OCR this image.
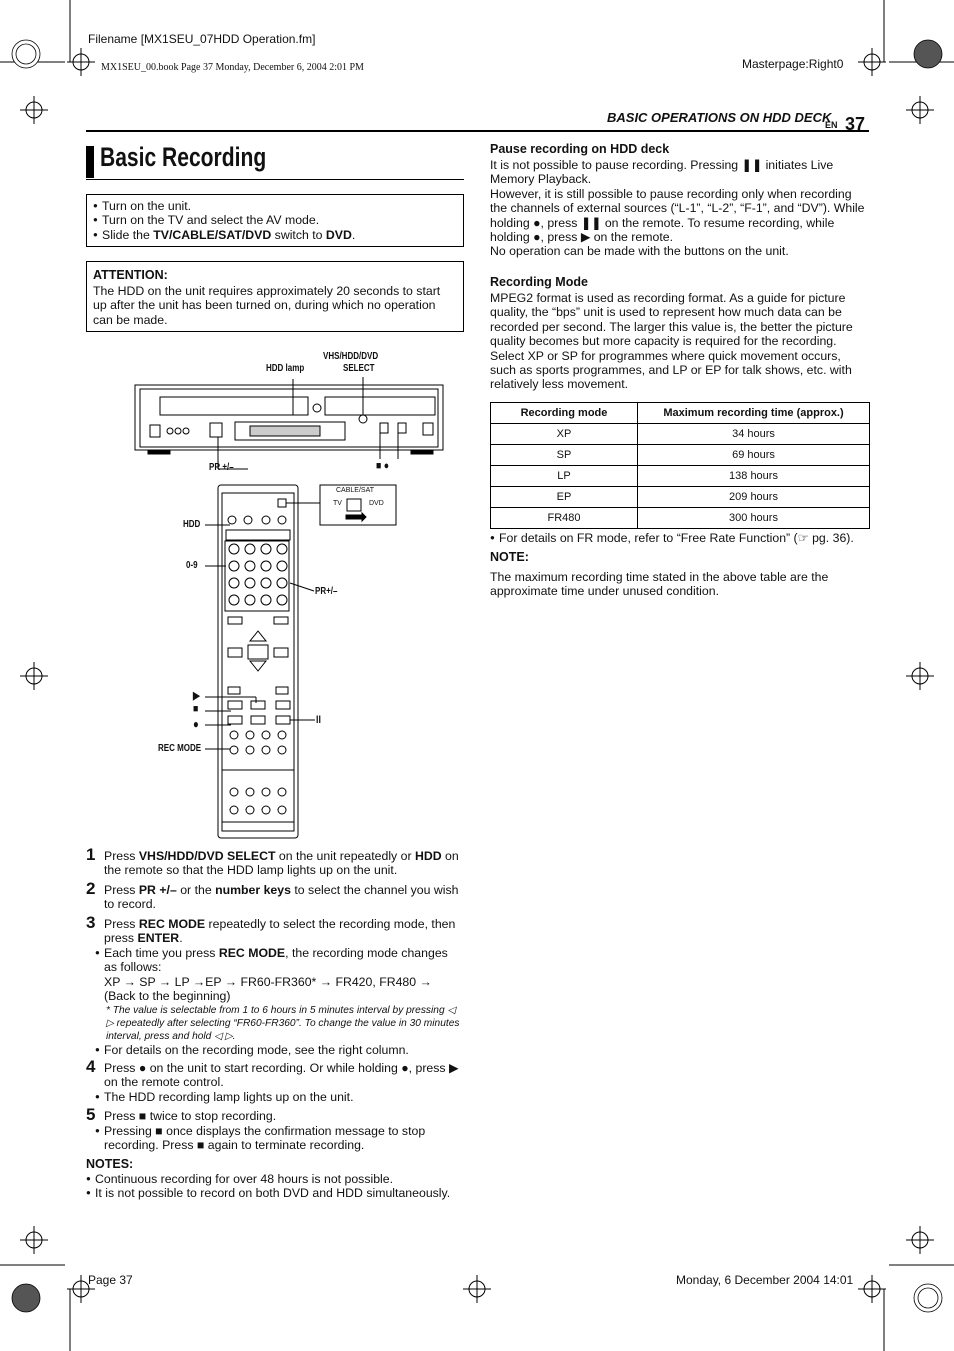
Filename [MX1SEU_07HDD Operation.fm]
MX1SEU_00.book Page 37 Monday, December 6, 2004 2:01 PM	Masterpage:Right0
BASIC OPERATIONS ON HDD DECK
EN 37
Basic Recording
● Turn on the unit.
● Turn on the TV and select the AV mode.
● Slide the TV/CABLE/SAT/DVD switch to DVD.
ATTENTION:
The HDD on the unit requires approximately 20 seconds to start up after the unit has been turned on, during which no operation can be made.
VHS/HDD/DVD
SELECT
HDD lamp
PR +/–	■ ●
CABLE/SAT
TV	DVD
HDD
0-9
PR+/–
▶
■
●	II
REC MODE
1 Press VHS/HDD/DVD SELECT on the unit repeatedly or HDD on the remote so that the HDD lamp lights up on the unit.
2 Press PR +/– or the number keys to select the channel you wish to record.
3 Press REC MODE repeatedly to select the recording mode, then press ENTER.
● Each time you press REC MODE, the recording mode changes as follows:
XP → SP → LP →EP → FR60-FR360* → FR420, FR480 → (Back to the beginning)
* The value is selectable from 1 to 6 hours in 5 minutes interval by pressing ◁ ▷ repeatedly after selecting “FR60-FR360”. To change the value in 30 minutes interval, press and hold ◁ ▷.
● For details on the recording mode, see the right column.
4 Press ● on the unit to start recording. Or while holding ●, press ▶ on the remote control.
● The HDD recording lamp lights up on the unit.
5 Press ■ twice to stop recording.
● Pressing ■ once displays the confirmation message to stop recording. Press ■ again to terminate recording.
NOTES:
● Continuous recording for over 48 hours is not possible.
● It is not possible to record on both DVD and HDD simultaneously.
Pause recording on HDD deck
It is not possible to pause recording. Pressing ❚❚ initiates Live Memory Playback.
However, it is still possible to pause recording only when recording the channels of external sources (“L-1”, “L-2”, “F-1”, and “DV”). While holding ●, press ❚❚ on the remote. To resume recording, while holding ●, press ▶ on the remote.
No operation can be made with the buttons on the unit.
Recording Mode
MPEG2 format is used as recording format. As a guide for picture quality, the “bps” unit is used to represent how much data can be recorded per second. The larger this value is, the better the picture quality becomes but more capacity is required for the recording. Select XP or SP for programmes where quick movement occurs, such as sports programmes, and LP or EP for talk shows, etc. with relatively less movement.
Recording mode	Maximum recording time (approx.)
XP	34 hours
SP	69 hours
LP	138 hours
EP	209 hours
FR480	300 hours
● For details on FR mode, refer to “Free Rate Function” (☞ pg. 36).
NOTE:
The maximum recording time stated in the above table are the approximate time under unused condition.
Page 37	Monday, 6 December 2004 14:01
